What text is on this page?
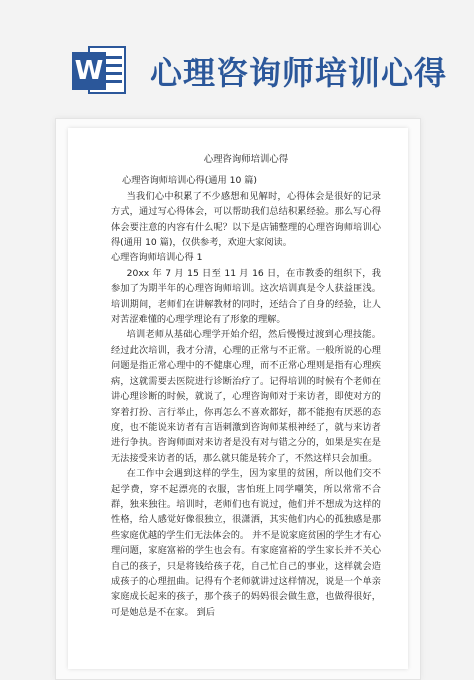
W 心理咨询师培训心得
心理咨询师培训心得
心理咨询师培训心得(通用 10 篇)

当我们心中积累了不少感想和见解时，心得体会是很好的记录方式，通过写心得体会，可以帮助我们总结积累经验。那么写心得体会要注意的内容有什么呢？以下是店铺整理的心理咨询师培训心得(通用 10 篇)，仅供参考，欢迎大家阅读。

心理咨询师培训心得 1

20xx 年 7 月 15 日至 11 月 16 日，在市教委的组织下，我参加了为期半年的心理咨询师培训。这次培训真是令人获益匪浅。培训期间，老师们在讲解教材的同时，还结合了自身的经验，让人对苦涩难懂的心理学理论有了形象的理解。

培训老师从基础心理学开始介绍，然后慢慢过渡到心理技能。经过此次培训，我才分清，心理的正常与不正常。一般所说的心理问题是指正常心理中的不健康心理，而不正常心理则是指有心理疾病，这就需要去医院进行诊断治疗了。记得培训的时候有个老师在讲心理诊断的时候，就说了，心理咨询师对于来访者，即使对方的穿着打扮、言行举止，你再怎么不喜欢都好，都不能抱有厌恶的态度，也不能说来访者有言语刺激到咨询师某根神经了，就与来访者进行争执。咨询师面对来访者是没有对与错之分的，如果是实在是无法接受来访者的话，那么就只能是转介了，不然这样只会加重。

在工作中会遇到这样的学生，因为家里的贫困，所以他们交不起学费，穿不起漂亮的衣服，害怕班上同学嘲笑，所以常常不合群，独来独往。培训时，老师们也有说过，他们并不想成为这样的性格，给人感觉好像很独立，很潇洒，其实他们内心的孤独感是那些家庭优越的学生们无法体会的。 并不是说家庭贫困的学生才有心理问题，家庭富裕的学生也会有。有家庭富裕的学生家长并不关心自己的孩子，只是将钱给孩子花，自己忙自己的事业，这样就会造成孩子的心理扭曲。记得有个老师就讲过这样情况，说是一个单亲家庭成长起来的孩子，那个孩子的妈妈很会做生意，也做得很好，可是她总是不在家。 到后
